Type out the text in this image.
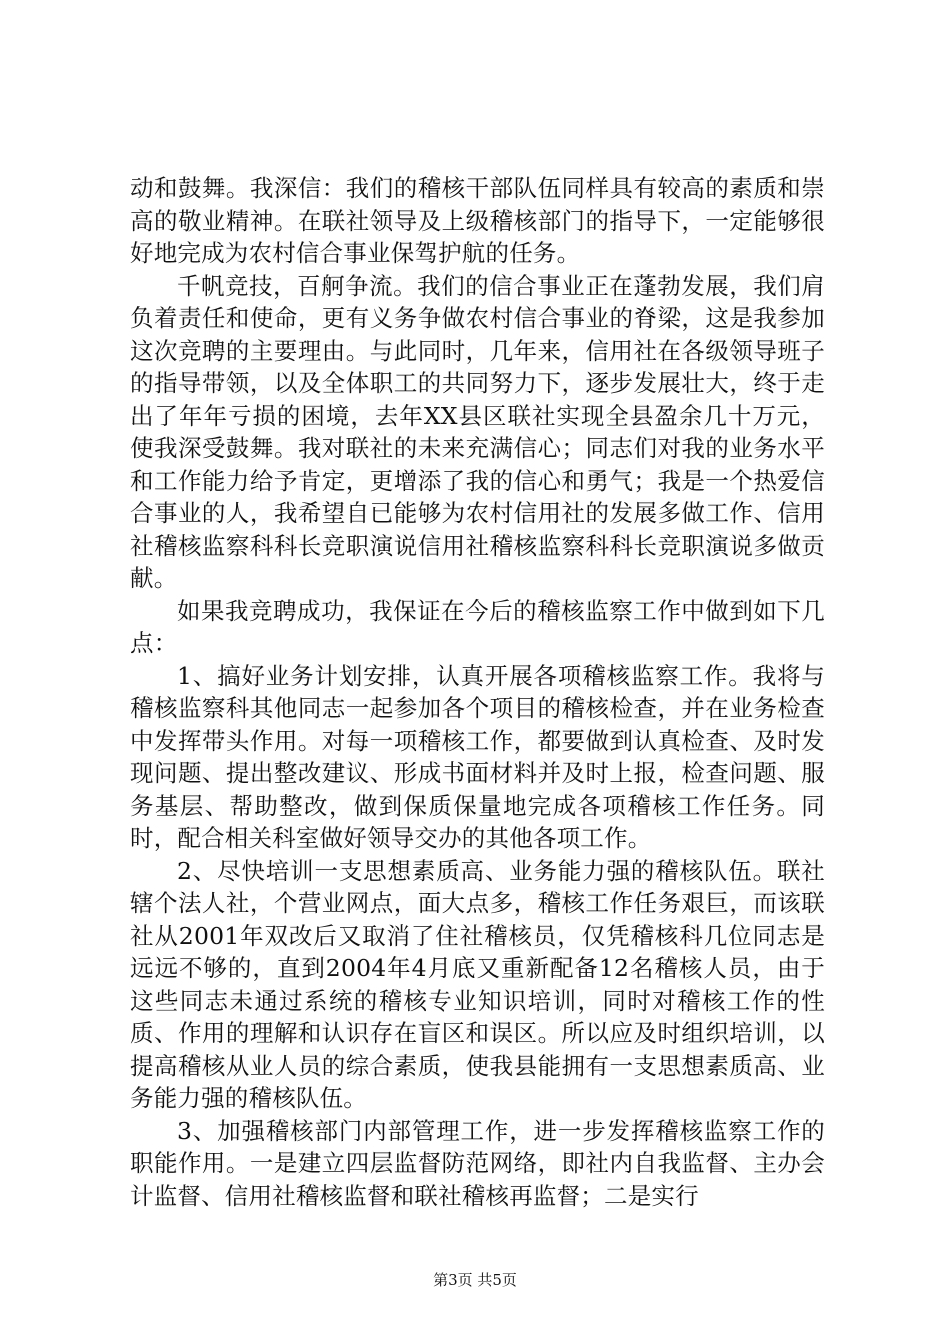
动和鼓舞。我深信：我们的稽核干部队伍同样具有较高的素质和崇高的敬业精神。在联社领导及上级稽核部门的指导下，一定能够很好地完成为农村信合事业保驾护航的任务。

千帆竞技，百舸争流。我们的信合事业正在蓬勃发展，我们肩负着责任和使命，更有义务争做农村信合事业的脊梁，这是我参加这次竞聘的主要理由。与此同时，几年来，信用社在各级领导班子的指导带领，以及全体职工的共同努力下，逐步发展壮大，终于走出了年年亏损的困境，去年XX县区联社实现全县盈余几十万元，使我深受鼓舞。我对联社的未来充满信心；同志们对我的业务水平和工作能力给予肯定，更增添了我的信心和勇气；我是一个热爱信合事业的人，我希望自已能够为农村信用社的发展多做工作、信用社稽核监察科科长竞职演说信用社稽核监察科科长竞职演说多做贡献。

如果我竞聘成功，我保证在今后的稽核监察工作中做到如下几点：

1、搞好业务计划安排，认真开展各项稽核监察工作。我将与稽核监察科其他同志一起参加各个项目的稽核检查，并在业务检查中发挥带头作用。对每一项稽核工作，都要做到认真检查、及时发现问题、提出整改建议、形成书面材料并及时上报，检查问题、服务基层、帮助整改，做到保质保量地完成各项稽核工作任务。同时，配合相关科室做好领导交办的其他各项工作。

2、尽快培训一支思想素质高、业务能力强的稽核队伍。联社辖个法人社，个营业网点，面大点多，稽核工作任务艰巨，而该联社从2001年双改后又取消了住社稽核员，仅凭稽核科几位同志是远远不够的，直到2004年4月底又重新配备12名稽核人员，由于这些同志未通过系统的稽核专业知识培训，同时对稽核工作的性质、作用的理解和认识存在盲区和误区。所以应及时组织培训，以提高稽核从业人员的综合素质，使我县能拥有一支思想素质高、业务能力强的稽核队伍。

3、加强稽核部门内部管理工作，进一步发挥稽核监察工作的职能作用。一是建立四层监督防范网络，即社内自我监督、主办会计监督、信用社稽核监督和联社稽核再监督；二是实行

第3页 共5页
